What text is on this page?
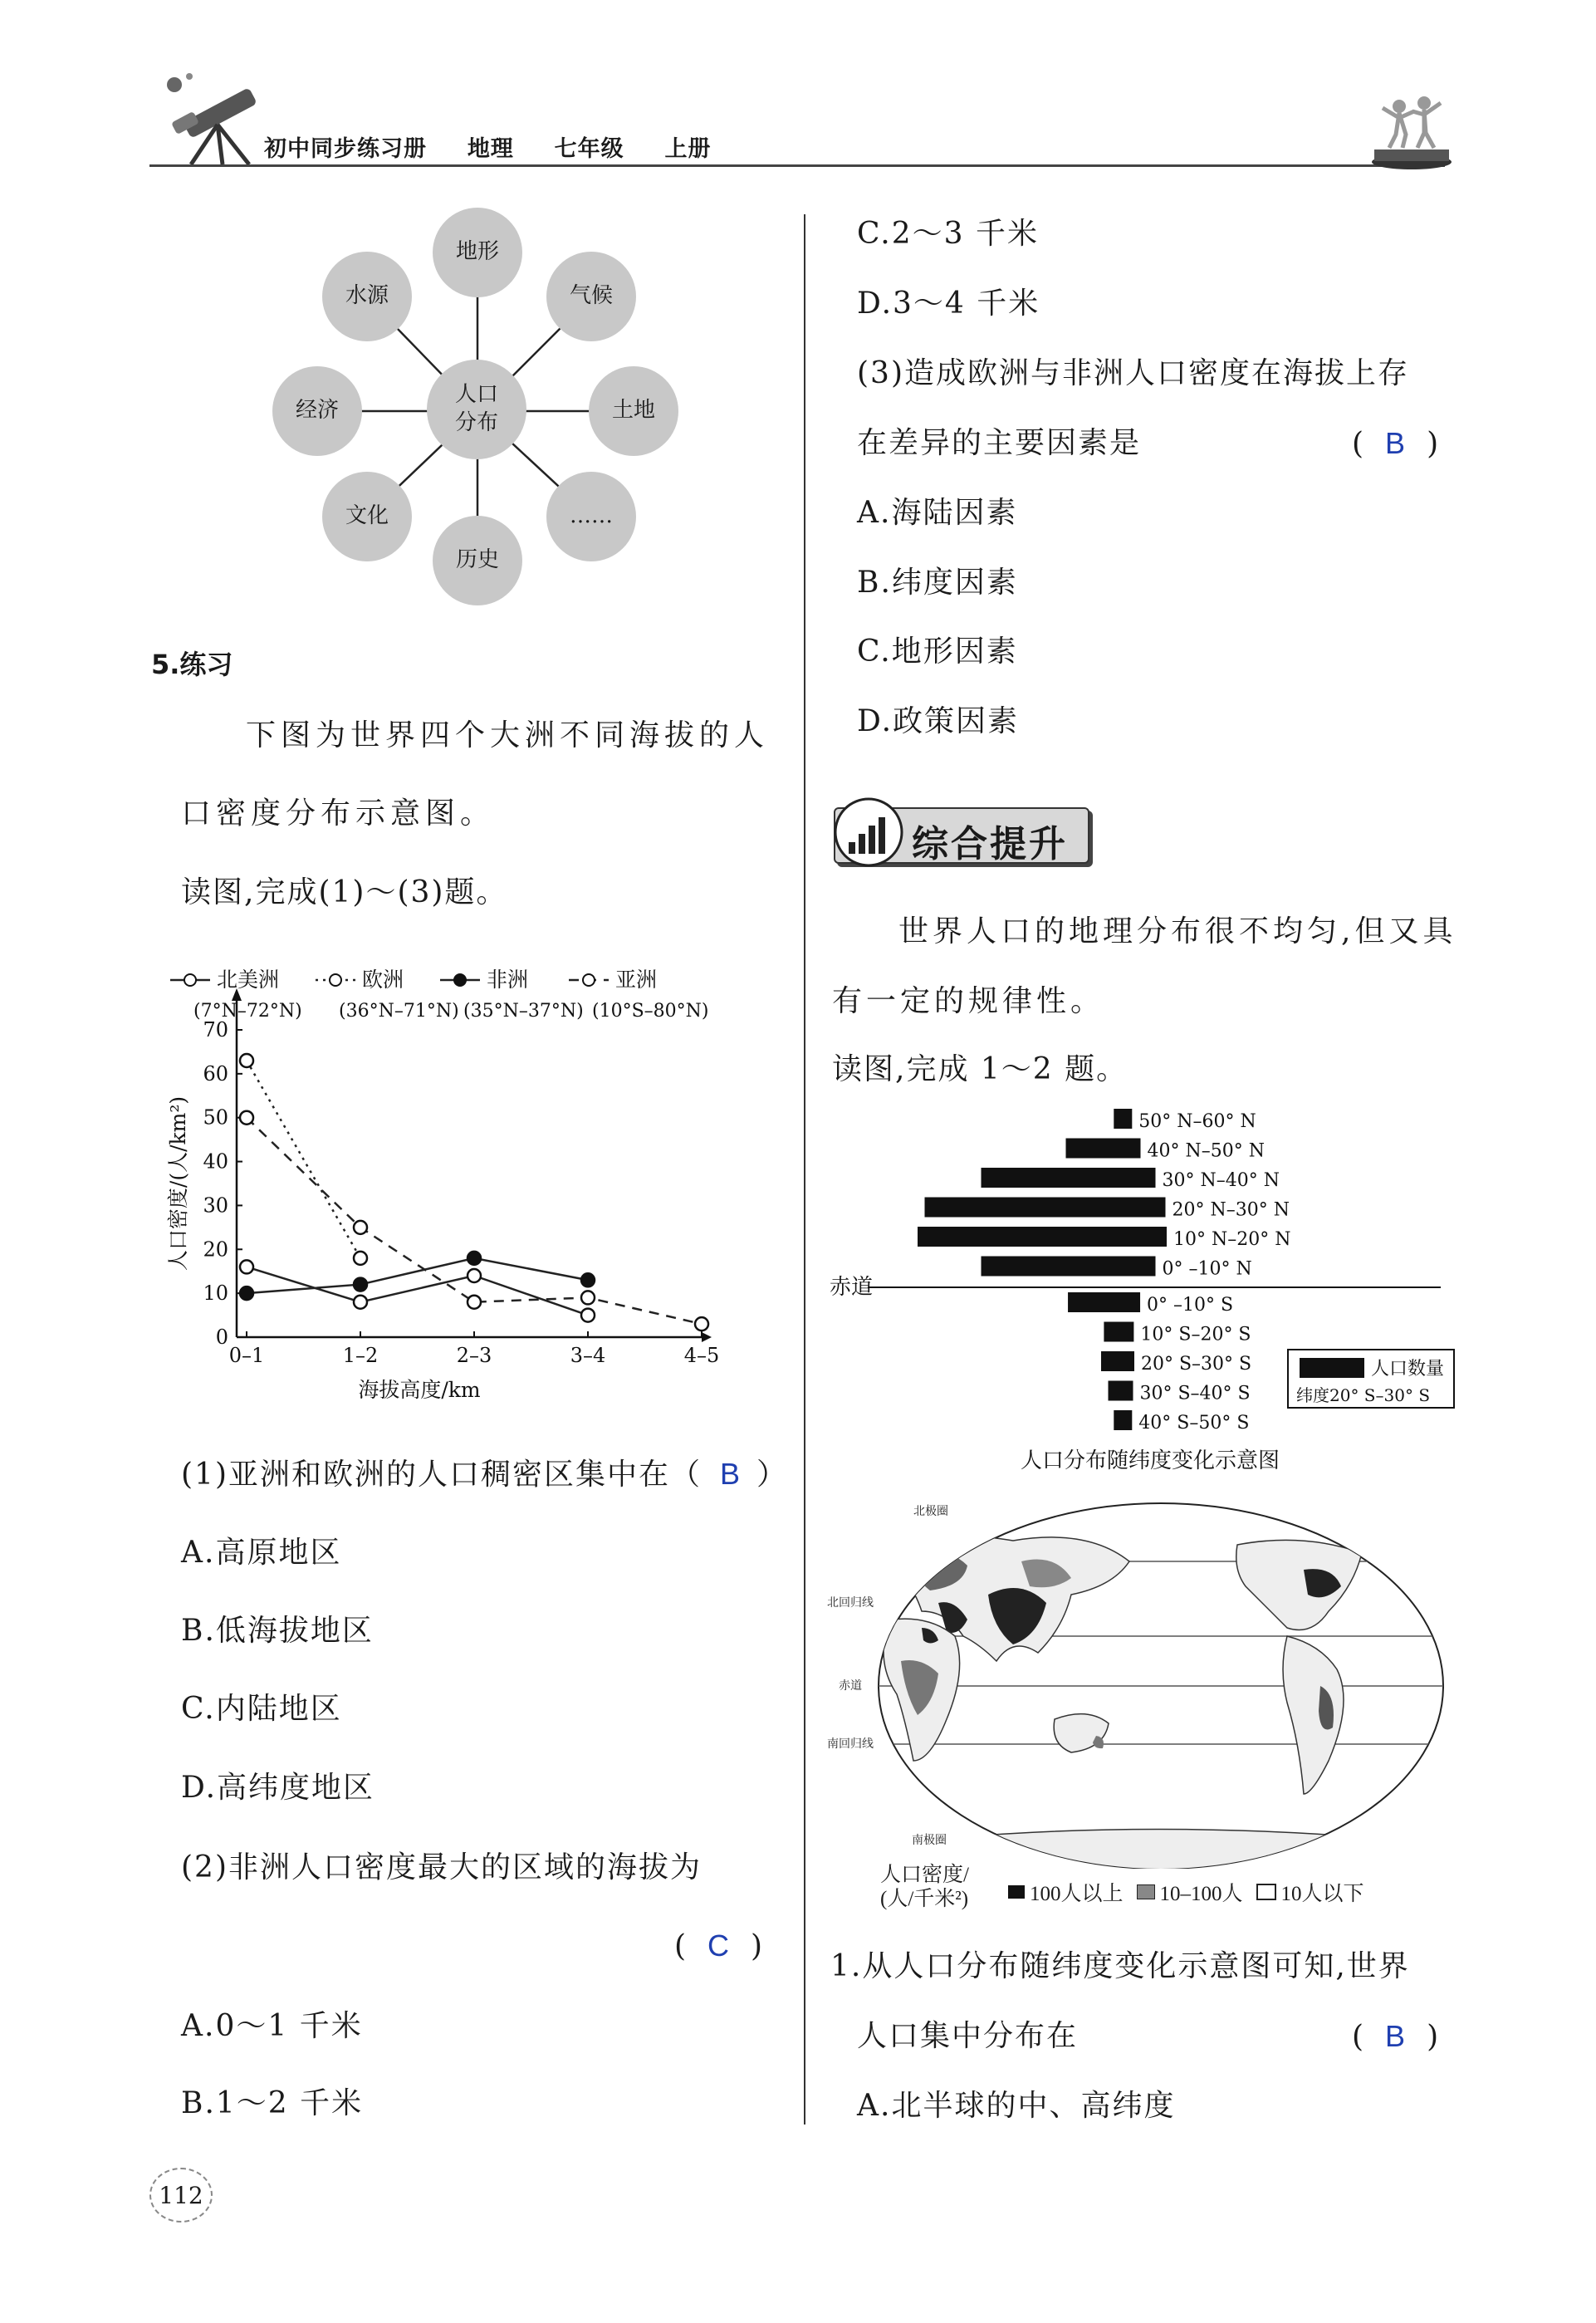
初中同步练习册 地理 七年级 上册
人口
分布
地形
气候
土地
……
历史
文化
经济
水源
5.练习
下图为世界四个大洲不同海拔的人
口密度分布示意图。
读图,完成(1)～(3)题。
0
10
20
30
40
50
60
70
0–1	1–2	2–3	3–4	4–5
海拔高度/km
人口密度/(人/km²)
北美洲
(7°N–72°N)
欧洲
(36°N–71°N)
非洲
(35°N–37°N)
亚洲
(10°S–80°N)
(1)亚洲和欧洲的人口稠密区集中在（ B ）
A.高原地区
B.低海拔地区
C.内陆地区
D.高纬度地区
(2)非洲人口密度最大的区域的海拔为
( C )
A.0～1 千米
B.1～2 千米
C.2～3 千米
D.3～4 千米
(3)造成欧洲与非洲人口密度在海拔上存
在差异的主要因素是	( B )
A.海陆因素
B.纬度因素
C.地形因素
D.政策因素
综合提升
世界人口的地理分布很不均匀,但又具
有一定的规律性。
读图,完成 1～2 题。
50° N–60° N
40° N–50° N
30° N–40° N
20° N–30° N
10° N–20° N
0° –10° N
0° –10° S
10° S–20° S
20° S–30° S
30° S–40° S
40° S–50° S
赤道
人口数量
纬度20° S–30° S
人口分布随纬度变化示意图
北极圈
北回归线
赤道
南回归线
南极圈
人口密度/
(人/千米²)	100人以上 10–100人 10人以下
1.从人口分布随纬度变化示意图可知,世界
人口集中分布在	( B )
A.北半球的中、高纬度
112
